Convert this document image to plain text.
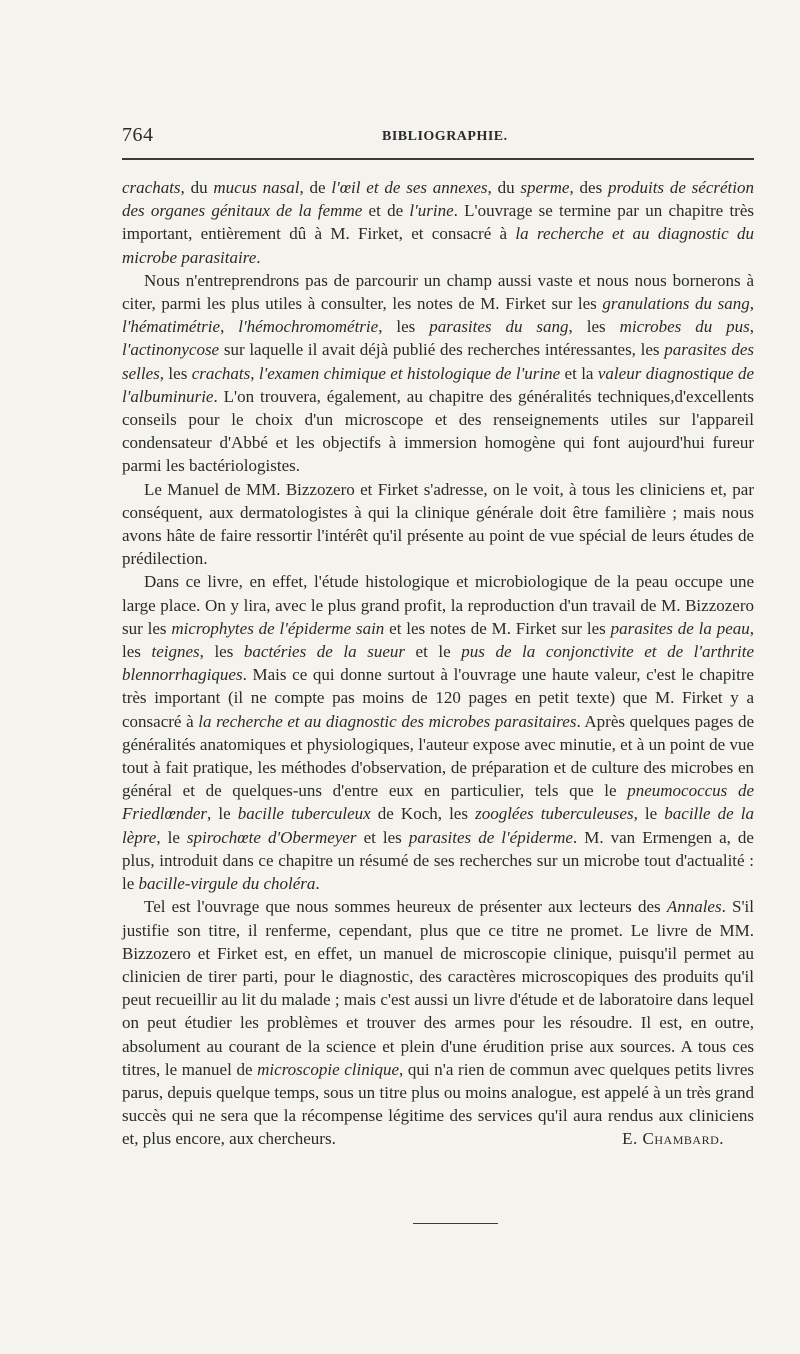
764	BIBLIOGRAPHIE.

crachats, du mucus nasal, de l'œil et de ses annexes, du sperme, des produits de sécrétion des organes génitaux de la femme et de l'urine. L'ouvrage se termine par un chapitre très important, entièrement dû à M. Firket, et consacré à la recherche et au diagnostic du microbe parasitaire.

Nous n'entreprendrons pas de parcourir un champ aussi vaste et nous nous bornerons à citer, parmi les plus utiles à consulter, les notes de M. Firket sur les granulations du sang, l'hématimétrie, l'hémochromométrie, les parasites du sang, les microbes du pus, l'actinonycose sur laquelle il avait déjà publié des recherches intéressantes, les parasites des selles, les crachats, l'examen chimique et histologique de l'urine et la valeur diagnostique de l'albuminurie. L'on trouvera, également, au chapitre des généralités techniques,d'excellents conseils pour le choix d'un microscope et des renseignements utiles sur l'appareil condensateur d'Abbé et les objectifs à immersion homogène qui font aujourd'hui fureur parmi les bactériologistes.

Le Manuel de MM. Bizzozero et Firket s'adresse, on le voit, à tous les cliniciens et, par conséquent, aux dermatologistes à qui la clinique générale doit être familière ; mais nous avons hâte de faire ressortir l'intérêt qu'il présente au point de vue spécial de leurs études de prédilection.

Dans ce livre, en effet, l'étude histologique et microbiologique de la peau occupe une large place. On y lira, avec le plus grand profit, la reproduction d'un travail de M. Bizzozero sur les microphytes de l'épiderme sain et les notes de M. Firket sur les parasites de la peau, les teignes, les bactéries de la sueur et le pus de la conjonctivite et de l'arthrite blennorrhagiques. Mais ce qui donne surtout à l'ouvrage une haute valeur, c'est le chapitre très important (il ne compte pas moins de 120 pages en petit texte) que M. Firket y a consacré à la recherche et au diagnostic des microbes parasitaires. Après quelques pages de généralités anatomiques et physiologiques, l'auteur expose avec minutie, et à un point de vue tout à fait pratique, les méthodes d'observation, de préparation et de culture des microbes en général et de quelques-uns d'entre eux en particulier, tels que le pneumococcus de Friedlœnder, le bacille tuberculeux de Koch, les zooglées tuberculeuses, le bacille de la lèpre, le spirochœte d'Obermeyer et les parasites de l'épiderme. M. van Ermengen a, de plus, introduit dans ce chapitre un résumé de ses recherches sur un microbe tout d'actualité : le bacille-virgule du choléra.

Tel est l'ouvrage que nous sommes heureux de présenter aux lecteurs des Annales. S'il justifie son titre, il renferme, cependant, plus que ce titre ne promet. Le livre de MM. Bizzozero et Firket est, en effet, un manuel de microscopie clinique, puisqu'il permet au clinicien de tirer parti, pour le diagnostic, des caractères microscopiques des produits qu'il peut recueillir au lit du malade ; mais c'est aussi un livre d'étude et de laboratoire dans lequel on peut étudier les problèmes et trouver des armes pour les résoudre. Il est, en outre, absolument au courant de la science et plein d'une érudition prise aux sources. A tous ces titres, le manuel de microscopie clinique, qui n'a rien de commun avec quelques petits livres parus, depuis quelque temps, sous un titre plus ou moins analogue, est appelé à un très grand succès qui ne sera que la récompense légitime des services qu'il aura rendus aux cliniciens et, plus encore, aux chercheurs.	E. Chambard.
